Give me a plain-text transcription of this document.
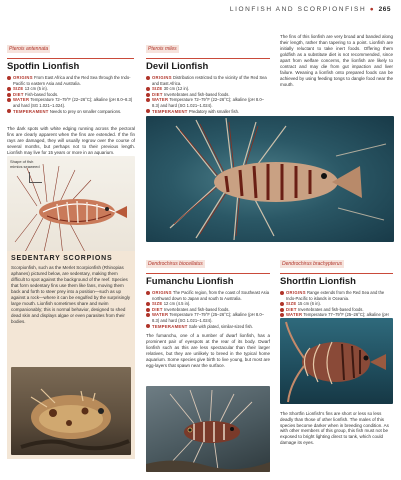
LIONFISH AND SCORPIONFISH ● 265
Pterois antennata
Spotfin Lionfish
ORIGINS From East Africa and the Red Sea through the Indo-Pacific to eastern Asia and Australia.
SIZE 13 cm (5 in).
DIET Fish-based foods.
WATER Temperature 72–79°F (22–26°C); alkaline (pH 8.0–8.3) and hard (SG 1.021–1.024).
TEMPERAMENT Needs to prey on smaller companions.
Pterois miles
Devil Lionfish
ORIGINS Distribution restricted to the vicinity of the Red Sea and East Africa.
SIZE 30 cm (12 in).
DIET Invertebrates and fish-based foods.
WATER Temperature 72–79°F (22–26°C); alkaline (pH 8.0–8.3) and hard (SG 1.021–1.024).
TEMPERAMENT Predatory with smaller fish.
The fins of this lionfish are very broad and banded along their length, rather than tapering to a point. Lionfish are initially reluctant to take inert foods. Offering them goldfish as a substitute diet is not recommended, since apart from welfare concerns, the lionfish are likely to contract and may die from gut impaction and liver failure. Weaning a lionfish onto prepared foods can be achieved by using feeding tongs to dangle food near the mouth.
The dark spots with white edging running across the pectoral fins are clearly apparent when the fins are extended. If the fin rays are damaged, they will usually regrow over the course of several months, but perhaps not to their previous length. Lionfish may live for 15 years or more in an aquarium.
Shape of fish mimics seaweed
SEDENTARY SCORPIONS
Scorpionfish, such as the Merlet Scorpionfish (Rhinopias aphanes) pictured below, are sedentary, making them difficult to spot against the background of the reef. Species that form sedentary fins use them like fans, moving them back and forth to steer prey into a position—such as up against a rock—where it can be engulfed by the surprisingly large mouth. Lionfish sometimes share and swim companionably; this is normal behavior, designed to shed dead skin and displays algae or even parasites from their bodies.
Dendrochirus biocellatus
Fumanchu Lionfish
ORIGINS The Pacific region, from the coast of Southeast Asia northward down to Japan and south to Australia.
SIZE 12 cm (4.5 in).
DIET Invertebrates and fish-based foods.
WATER Temperature 77–79°F (25–26°C); alkaline (pH 8.0–8.3) and hard (SG 1.021–1.024).
TEMPERAMENT Safe with plated, similar-sized fish.
The fumanchu, one of a number of dwarf lionfish, has a prominent pair of eyespots at the rear of its body. Dwarf lionfish such as this are less spectacular than their larger relatives, but they are unlikely to breed in the typical home aquarium. Some species give birth to live young, but most are egg-layers that spawn near the surface.
Dendrochirus brachypterus
Shortfin Lionfish
ORIGINS Range extends from the Red Sea and the Indo-Pacific to islands in Oceania.
SIZE 15 cm (6 in).
DIET Invertebrates and fish-based foods.
WATER Temperature 77–79°F (25–26°C); alkaline (pH
The Shortfin Lionfish's fins are short or less so less deadly than those of other lionfish. The males of this species become darker when in breeding condition. As with other members of this group, this fish must not be exposed to bright lighting direct to tank, which could damage its eyes.
